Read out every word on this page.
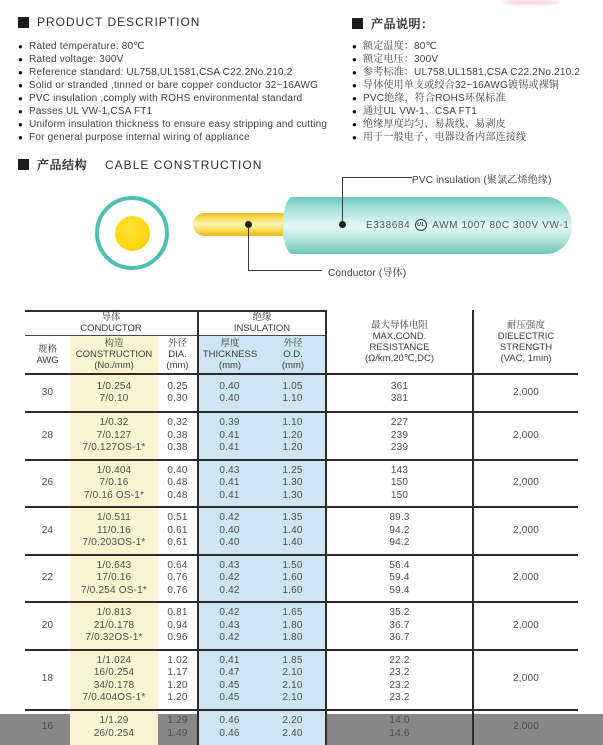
PRODUCT DESCRIPTION
● Rated temperature: 80℃
● Rated voltage: 300V
● Reference standard: UL758,UL1581,CSA C22.2No.210.2
● Solid or stranded ,tinned or bare copper conductor 32~16AWG
● PVC insulation ,comply with ROHS environmental standard
● Passes UL VW-1,CSA FT1
● Uniform insulation thickness to ensure easy stripping and cutting
● For general purpose internal wiring of appliance
产品说明：
● 额定温度：80℃
● 额定电压：300V
● 参考标准：UL758,UL1581,CSA C22.2No.210.2
● 导体使用单支或绞合32~16AWG镀锡或裸铜
● PVC绝缘，符合ROHS环保标准
● 通过UL VW-1、CSA FT1
● 绝缘厚度均匀、易裁线、易剥皮
● 用于一般电子、电器设备内部连接线
产品结构 CABLE CONSTRUCTION
E338684	UL AWM 1007 80C 300V VW-1
PVC insulation (聚氯乙烯绝缘)
Conductor (导体)
导体
CONDUCTOR
规格
AWG
构造
CONSTRUCTION
(No./mm)
外径
DIA.
(mm)
绝缘
INSULATION
厚度
THICKNESS
(mm)
外径
O.D.
(mm)
最大导体电阻
MAX.COND.
RESISTANCE
(Ω/km,20℃,DC)
耐压强度
DIELECTRIC
STRENGTH
(VAC, 1min)
30
1/0.254
7/0.10
0.25
0.30
0.40
0.40
1.05
1.10
361
381
2,000
28
1/0.32
7/0.127
7/0.127OS-1*
0.32
0.38
0.38
0.39
0.41
0.41
1.10
1.20
1.20
227
239
239
2,000
26
1/0.404
7/0.16
7/0.16 OS-1*
0.40
0.48
0.48
0.43
0.41
0.41
1.25
1.30
1.30
143
150
150
2,000
24
1/0.511
11/0.16
7/0.203OS-1*
0.51
0.61
0.61
0.42
0.40
0.40
1.35
1.40
1.40
89.3
94.2
94.2
2,000
22
1/0.643
17/0.16
7/0.254 OS-1*
0.64
0.76
0.76
0.43
0.42
0.42
1.50
1.60
1.60
56.4
59.4
59.4
2,000
20
1/0.813
21/0.178
7/0.32OS-1*
0.81
0.94
0.96
0.42
0.43
0.42
1.65
1.80
1.80
35.2
36.7
36.7
2,000
18
1/1.024
16/0.254
34/0.178
7/0.404OS-1*
1.02
1.17
1.20
1.20
0.41
0.47
0.45
0.45
1.85
2.10
2.10
2.10
22.2
23.2
23.2
23.2
2,000
16
1/1.29
26/0.254
1.29
1.49
0.46
0.46
2.20
2.40
14.0
14.6
2,000
